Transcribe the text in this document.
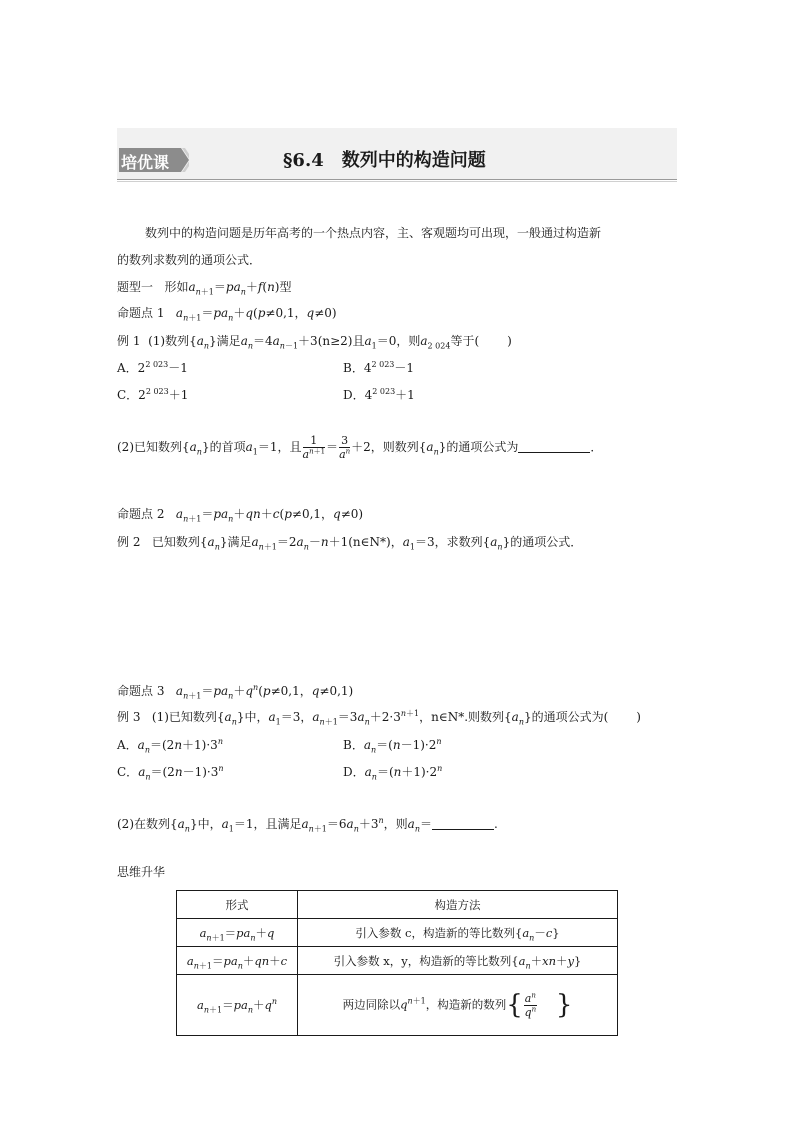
培优课	§6.4 数列中的构造问题
数列中的构造问题是历年高考的一个热点内容，主、客观题均可出现，一般通过构造新
的数列求数列的通项公式．
题型一 形如$a_{n+1}=pa_n+f(n)$型
命题点 1 $a_{n+1}=pa_n+q(p\ne 0,1$，q≠0)
例 1 (1)数列$\{a_n\}$满足$a_n=4a_{n-1}+3(n\ge 2)$且$a_1=0$，则$a_{2 024}$等于( )
A．$2^{2 023}-1$	B．$4^{2 023}-1$
C．$2^{2 023}+1$	D．$4^{2 023}+1$
(2)已知数列$\{a_n\}$的首项$a_1=1$，且 $\frac{1}{a^{n+1}} = \frac{3}{a^n} +2$，则数列$\{a_n\}$的通项公式为	．
命题点 2 $a_{n+1}=pa_n+qn+c(p\ne 0,1$，q≠0)
例 2 已知数列$\{a_n\}$满足$a_{n+1}=2a_n-n+1(n\in N*)$，$a_1=3$，求数列$\{a_n\}$的通项公式．
命题点 3 $a_{n+1}=pa_n+q^n(p\ne 0,1$，q≠0,1)
例 3 (1)已知数列$\{a_n\}$中，$a_1=3$，$a_{n+1}=3a_n+2\cdot 3^{n+1}$，n∈N*.则数列$\{a_n\}$的通项公式为( )
A．$a_n=(2n+1)\cdot 3^n$	B．$a_n=(n-1)\cdot 2^n$
C．$a_n=(2n-1)\cdot 3^n$	D．$a_n=(n+1)\cdot 2^n$
(2)在数列$\{a_n\}$中，$a_1=1$，且满足$a_{n+1}=6a_n+3^n$，则$a_n=$	.
思维升华
形式	构造方法
$a_{n+1}=pa_n+q$	引入参数 c，构造新的等比数列$\{a_n-c\}$
$a_{n+1}=pa_n+qn+c$	引入参数 x，y，构造新的等比数列$\{a_n+xn+y\}$
$a_{n+1}=pa_n+q^n$	两边同除以$q^{n+1}$，构造新的数列{ $\frac{a^n}{q^n}$ }
